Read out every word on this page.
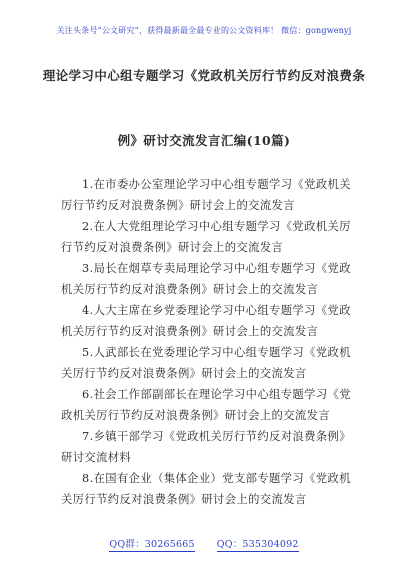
关注头条号“公文研究”，获得最新最全最专业的公文资料库！ 微信：gongwenyj
理论学习中心组专题学习《党政机关厉行节约反对浪费条
例》研讨交流发言汇编(10篇)
1.在市委办公室理论学习中心组专题学习《党政机关
厉行节约反对浪费条例》研讨会上的交流发言
2.在人大党组理论学习中心组专题学习《党政机关厉
行节约反对浪费条例》研讨会上的交流发言
3.局长在烟草专卖局理论学习中心组专题学习《党政
机关厉行节约反对浪费条例》研讨会上的交流发言
4.人大主席在乡党委理论学习中心组专题学习《党政
机关厉行节约反对浪费条例》研讨会上的交流发言
5.人武部长在党委理论学习中心组专题学习《党政机
关厉行节约反对浪费条例》研讨会上的交流发言
6.社会工作部副部长在理论学习中心组专题学习《党
政机关厉行节约反对浪费条例》研讨会上的交流发言
7.乡镇干部学习《党政机关厉行节约反对浪费条例》
研讨交流材料
8.在国有企业（集体企业）党支部专题学习《党政机
关厉行节约反对浪费条例》研讨会上的交流发言
QQ群：30265665 QQ：535304092
